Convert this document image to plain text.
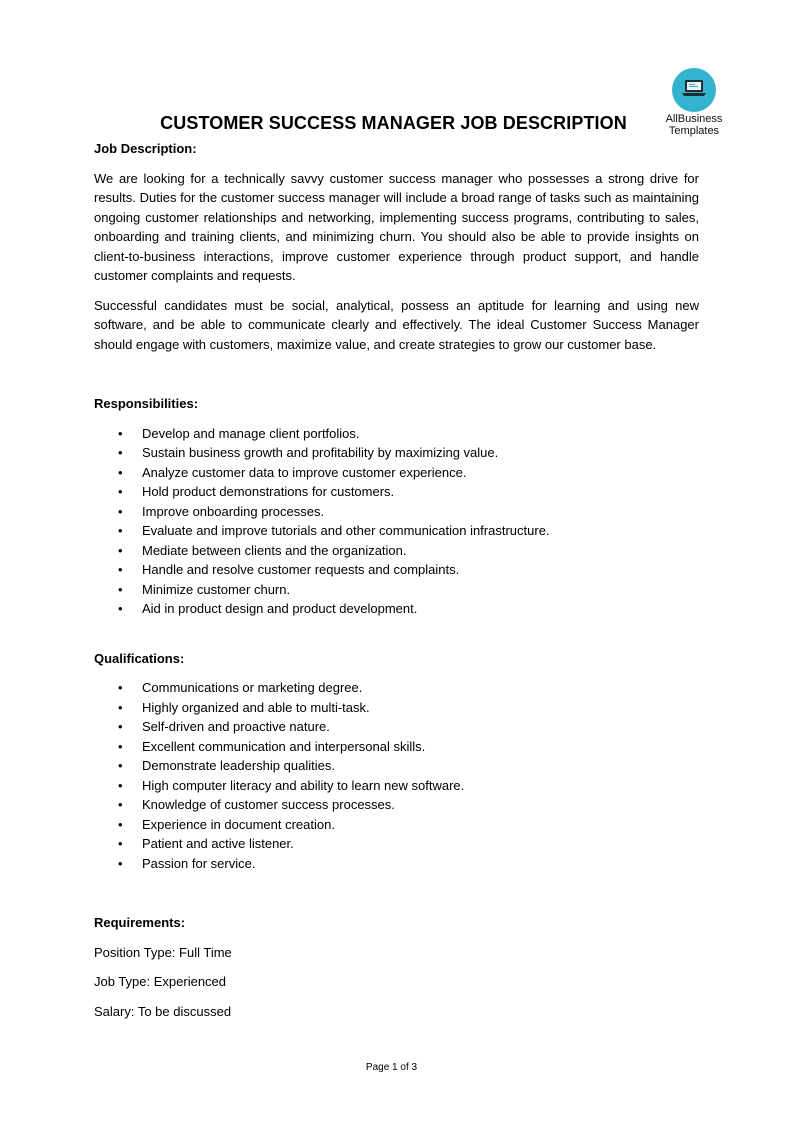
AllBusiness
Templates
CUSTOMER SUCCESS MANAGER JOB DESCRIPTION
Job Description:

We are looking for a technically savvy customer success manager who possesses a strong drive for results. Duties for the customer success manager will include a broad range of tasks such as maintaining ongoing customer relationships and networking, implementing success programs, contributing to sales, onboarding and training clients, and minimizing churn. You should also be able to provide insights on client-to-business interactions, improve customer experience through product support, and handle customer complaints and requests.

Successful candidates must be social, analytical, possess an aptitude for learning and using new software, and be able to communicate clearly and effectively. The ideal Customer Success Manager should engage with customers, maximize value, and create strategies to grow our customer base.

Responsibilities:
• Develop and manage client portfolios.
• Sustain business growth and profitability by maximizing value.
• Analyze customer data to improve customer experience.
• Hold product demonstrations for customers.
• Improve onboarding processes.
• Evaluate and improve tutorials and other communication infrastructure.
• Mediate between clients and the organization.
• Handle and resolve customer requests and complaints.
• Minimize customer churn.
• Aid in product design and product development.
Qualifications:
• Communications or marketing degree.
• Highly organized and able to multi-task.
• Self-driven and proactive nature.
• Excellent communication and interpersonal skills.
• Demonstrate leadership qualities.
• High computer literacy and ability to learn new software.
• Knowledge of customer success processes.
• Experience in document creation.
• Patient and active listener.
• Passion for service.
Requirements:

Position Type: Full Time

Job Type: Experienced

Salary: To be discussed

Page 1 of 3
